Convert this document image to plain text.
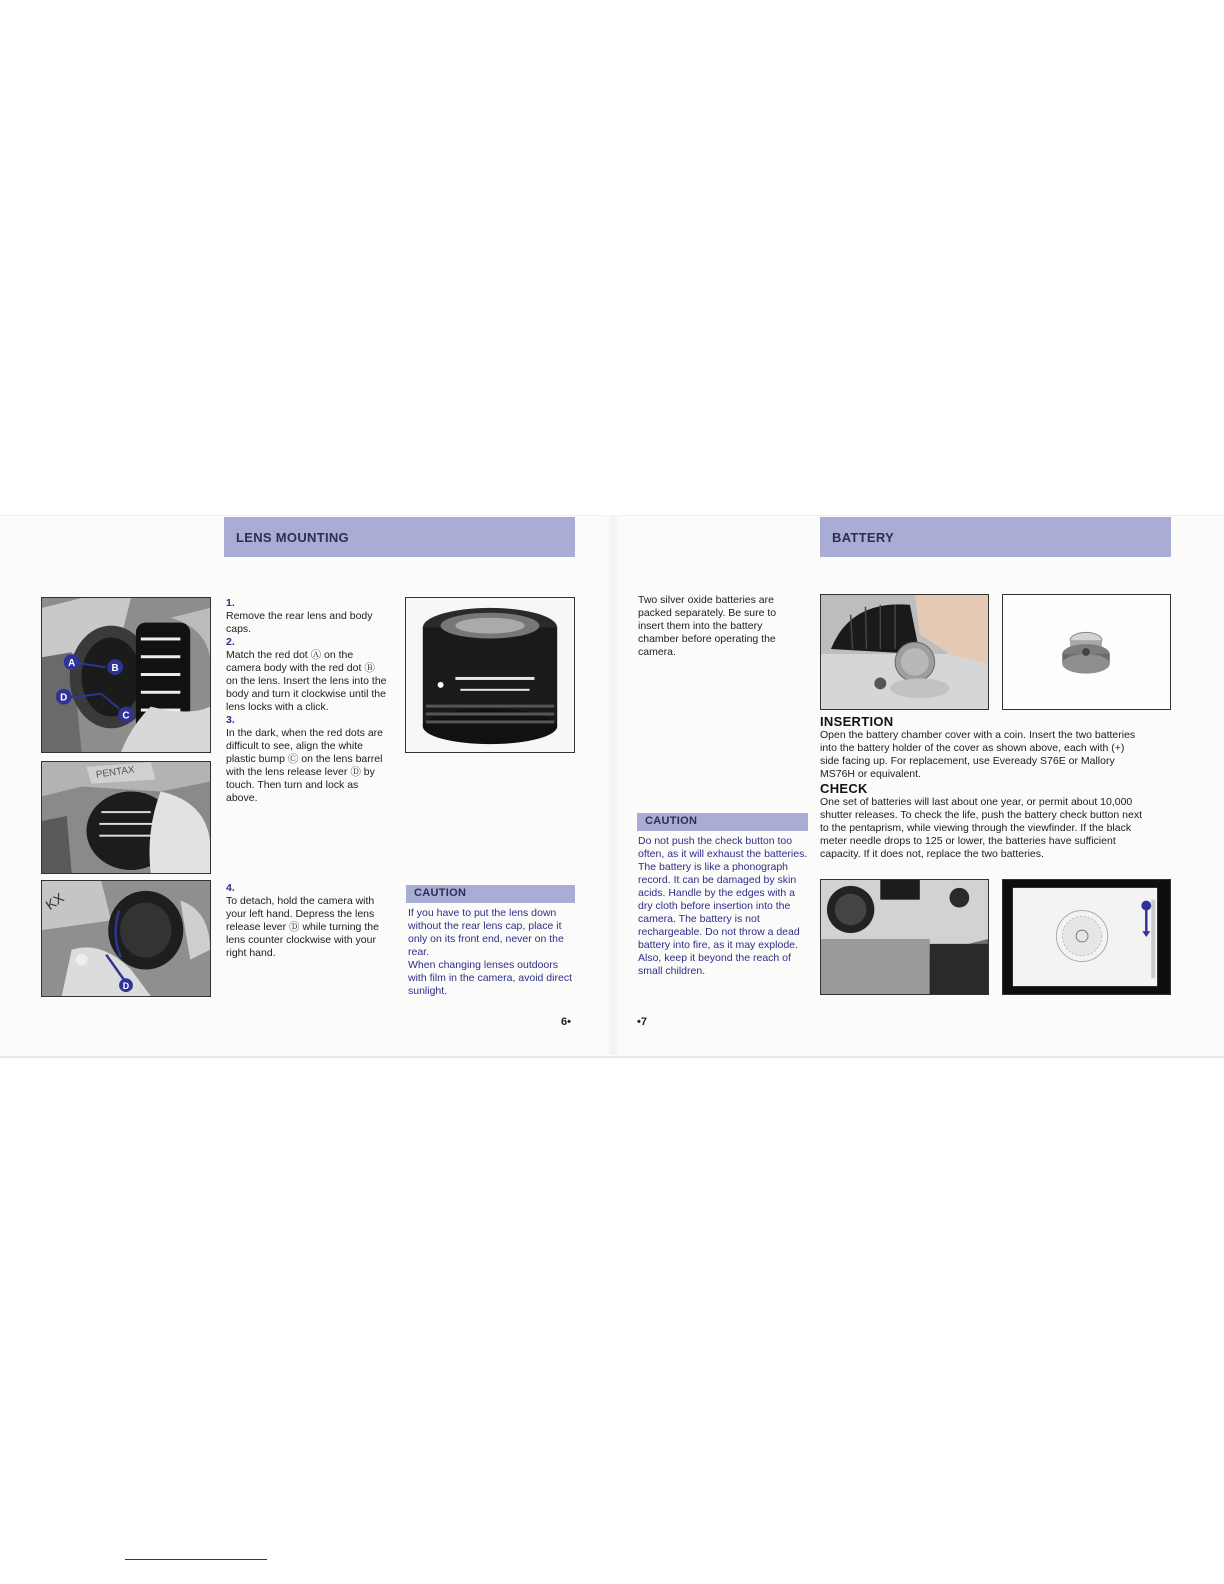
LENS MOUNTING
A	B
D
C
PENTAX
KX
D
1.
Remove the rear lens and body caps.
2.
Match the red dot Ⓐ on the camera body with the red dot Ⓑ on the lens. Insert the lens into the body and turn it clockwise until the lens locks with a click.
3.
In the dark, when the red dots are difficult to see, align the white plastic bump Ⓒ on the lens barrel with the lens release lever Ⓓ by touch. Then turn and lock as above.
4.
To detach, hold the camera with your left hand. Depress the lens release lever Ⓓ while turning the lens counter clockwise with your right hand.
CAUTION
If you have to put the lens down without the rear lens cap, place it only on its front end, never on the rear.
When changing lenses outdoors with film in the camera, avoid direct sunlight.
6•
BATTERY
Two silver oxide batteries are packed separately. Be sure to insert them into the battery chamber before operating the camera.
INSERTION
Open the battery chamber cover with a coin. Insert the two batteries into the battery holder of the cover as shown above, each with (+) side facing up. For replacement, use Eveready S76E or Mallory MS76H or equivalent.
CHECK
One set of batteries will last about one year, or permit about 10,000 shutter releases. To check the life, push the battery check button next to the pentaprism, while viewing through the viewfinder. If the black meter needle drops to 125 or lower, the batteries have sufficient capacity. If it does not, replace the two batteries.
CAUTION
Do not push the check button too often, as it will exhaust the batteries. The battery is like a phonograph record. It can be damaged by skin acids. Handle by the edges with a dry cloth before insertion into the camera. The battery is not rechargeable. Do not throw a dead battery into fire, as it may explode. Also, keep it beyond the reach of small children.
•7
